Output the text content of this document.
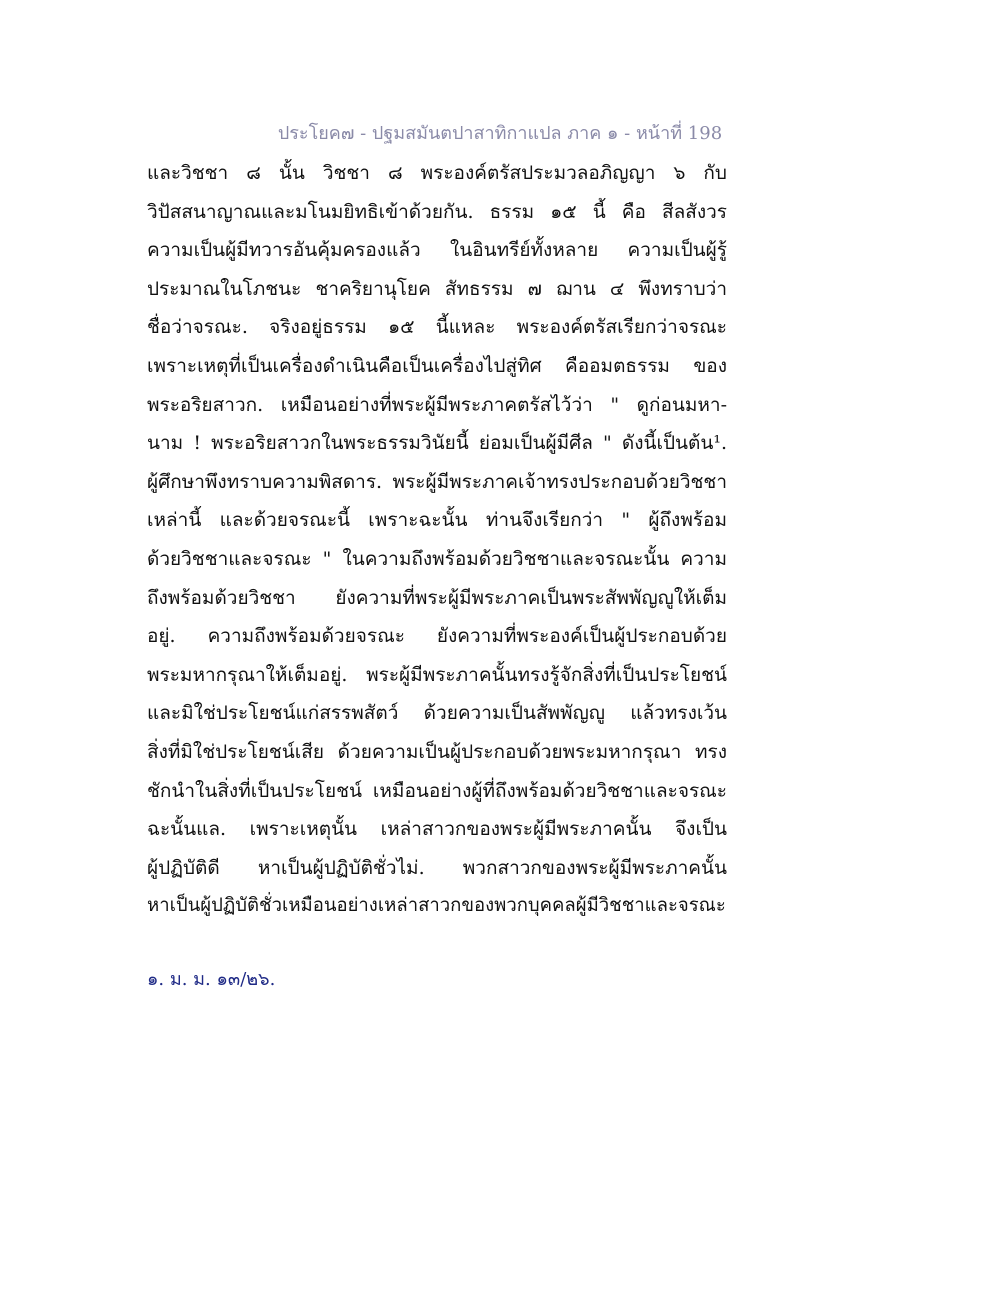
ประโยค๗ - ปฐมสมันตปาสาทิกาแปล ภาค ๑ - หน้าที่ 198
และวิชชา ๘ นั้น วิชชา ๘ พระองค์ตรัสประมวลอภิญญา ๖ กับ
วิปัสสนาญาณและมโนมยิทธิเข้าด้วยกัน. ธรรม ๑๕ นี้ คือ สีลสังวร
ความเป็นผู้มีทวารอันคุ้มครองแล้ว ในอินทรีย์ทั้งหลาย ความเป็นผู้รู้
ประมาณในโภชนะ ชาคริยานุโยค สัทธรรม ๗ ฌาน ๔ พึงทราบว่า
ชื่อว่าจรณะ. จริงอยู่ธรรม ๑๕ นี้แหละ พระองค์ตรัสเรียกว่าจรณะ
เพราะเหตุที่เป็นเครื่องดำเนินคือเป็นเครื่องไปสู่ทิศ คืออมตธรรม ของ
พระอริยสาวก. เหมือนอย่างที่พระผู้มีพระภาคตรัสไว้ว่า " ดูก่อนมหา-
นาม ! พระอริยสาวกในพระธรรมวินัยนี้ ย่อมเป็นผู้มีศีล " ดังนี้เป็นต้น¹.
ผู้ศึกษาพึงทราบความพิสดาร. พระผู้มีพระภาคเจ้าทรงประกอบด้วยวิชชา
เหล่านี้ และด้วยจรณะนี้ เพราะฉะนั้น ท่านจึงเรียกว่า " ผู้ถึงพร้อม
ด้วยวิชชาและจรณะ " ในความถึงพร้อมด้วยวิชชาและจรณะนั้น ความ
ถึงพร้อมด้วยวิชชา ยังความที่พระผู้มีพระภาคเป็นพระสัพพัญญูให้เต็ม
อยู่. ความถึงพร้อมด้วยจรณะ ยังความที่พระองค์เป็นผู้ประกอบด้วย
พระมหากรุณาให้เต็มอยู่. พระผู้มีพระภาคนั้นทรงรู้จักสิ่งที่เป็นประโยชน์
และมิใช่ประโยชน์แก่สรรพสัตว์ ด้วยความเป็นสัพพัญญู แล้วทรงเว้น
สิ่งที่มิใช่ประโยชน์เสีย ด้วยความเป็นผู้ประกอบด้วยพระมหากรุณา ทรง
ชักนำในสิ่งที่เป็นประโยชน์ เหมือนอย่างผู้ที่ถึงพร้อมด้วยวิชชาและจรณะ
ฉะนั้นแล. เพราะเหตุนั้น เหล่าสาวกของพระผู้มีพระภาคนั้น จึงเป็น
ผู้ปฏิบัติดี หาเป็นผู้ปฏิบัติชั่วไม่. พวกสาวกของพระผู้มีพระภาคนั้น
หาเป็นผู้ปฏิบัติชั่วเหมือนอย่างเหล่าสาวกของพวกบุคคลผู้มีวิชชาและจรณะ
๑. ม. ม. ๑๓/๒๖.
